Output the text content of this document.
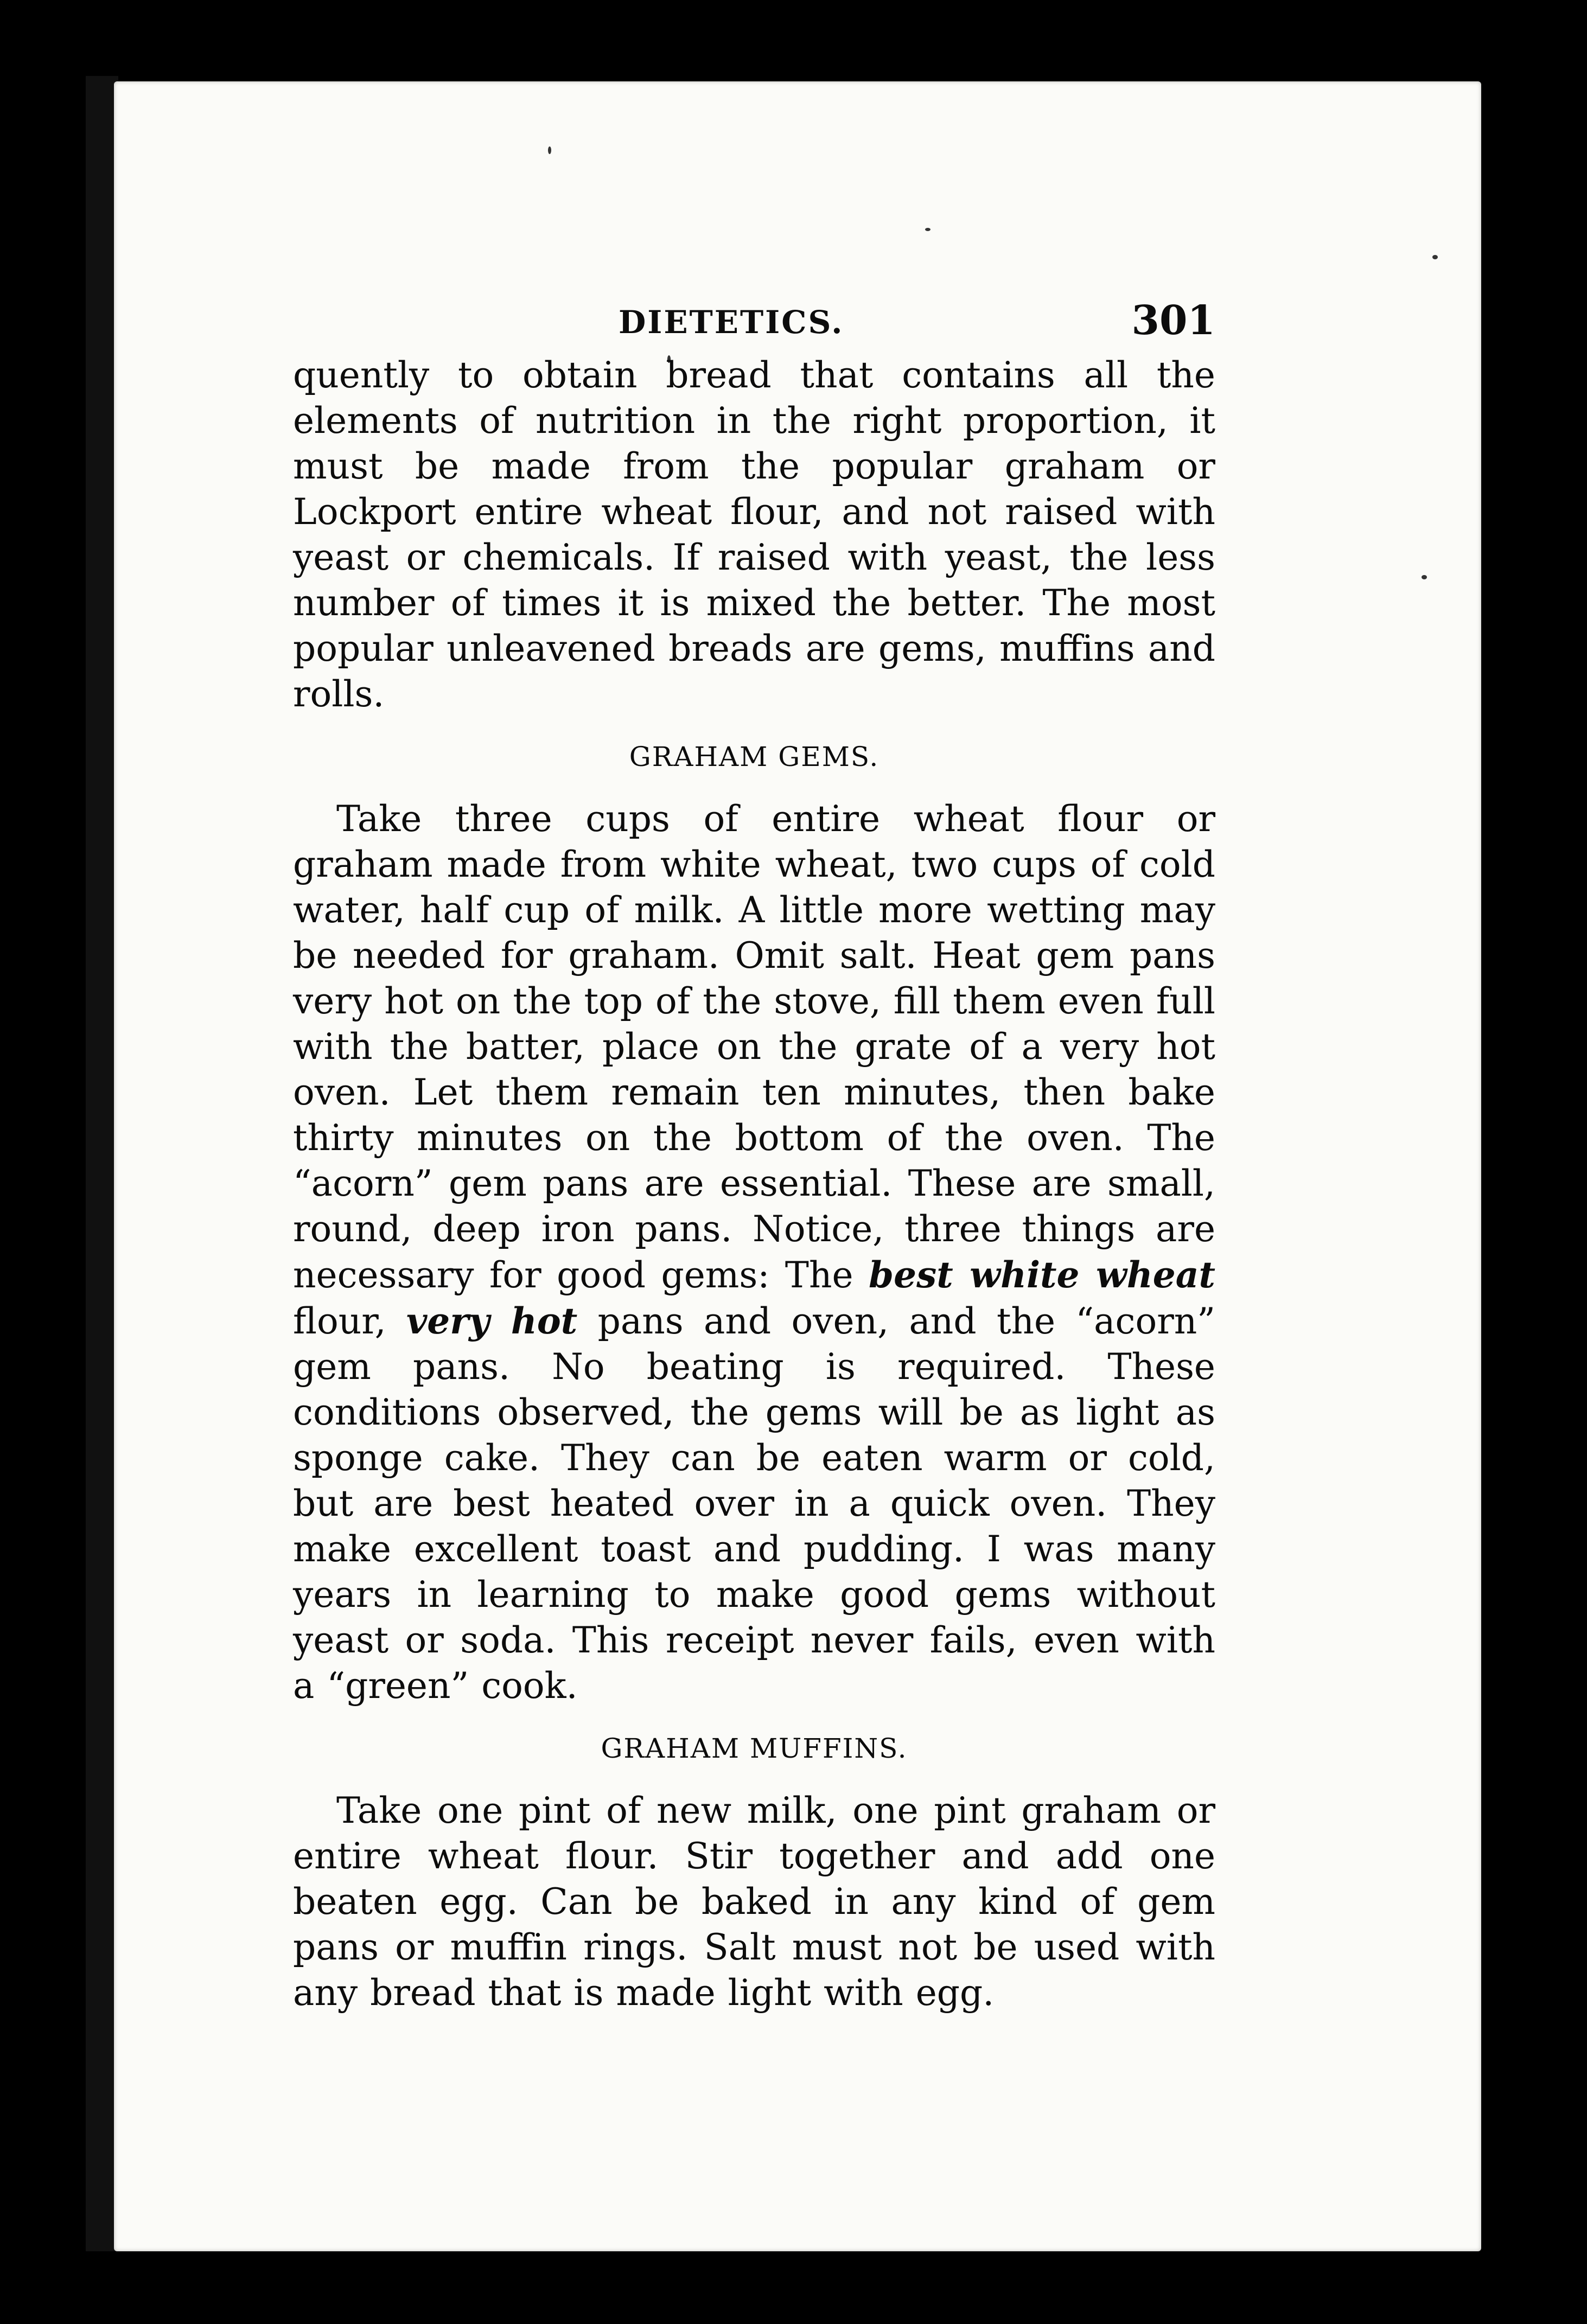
DIETETICS.	301

quently to obtain bread that contains all the elements of nutrition in the right proportion, it must be made from the popular graham or Lockport entire wheat flour, and not raised with yeast or chemicals. If raised with yeast, the less number of times it is mixed the better. The most popular unleavened breads are gems, muffins and rolls.

GRAHAM GEMS.

Take three cups of entire wheat flour or graham made from white wheat, two cups of cold water, half cup of milk. A little more wetting may be needed for graham. Omit salt. Heat gem pans very hot on the top of the stove, fill them even full with the batter, place on the grate of a very hot oven. Let them remain ten minutes, then bake thirty minutes on the bottom of the oven. The “acorn” gem pans are essential. These are small, round, deep iron pans. Notice, three things are necessary for good gems: The best white wheat flour, very hot pans and oven, and the “acorn” gem pans. No beating is required. These conditions observed, the gems will be as light as sponge cake. They can be eaten warm or cold, but are best heated over in a quick oven. They make excellent toast and pudding. I was many years in learning to make good gems without yeast or soda. This receipt never fails, even with a “green” cook.

GRAHAM MUFFINS.

Take one pint of new milk, one pint graham or entire wheat flour. Stir together and add one beaten egg. Can be baked in any kind of gem pans or muffin rings. Salt must not be used with any bread that is made light with egg.
